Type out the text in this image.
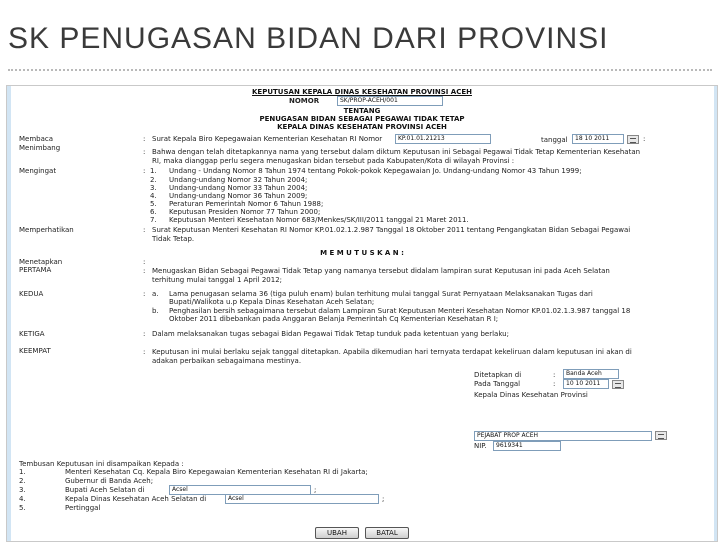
SK PENUGASAN BIDAN DARI PROVINSI
KEPUTUSAN KEPALA DINAS KESEHATAN PROVINSI ACEH
NOMOR	SK/PROP-ACEH/001
TENTANG
PENUGASAN BIDAN SEBAGAI PEGAWAI TIDAK TETAP
KEPALA DINAS KESEHATAN PROVINSI ACEH
Membaca	: Surat Kepala Biro Kepegawaian Kementerian Kesehatan RI Nomor	KP.01.01.21213	tanggal	18 10 2011	:
Menimbang	: Bahwa dengan telah ditetapkannya nama yang tersebut dalam diktum Keputusan ini Sebagai Pegawai Tidak Tetap Kementerian Kesehatan
RI, maka dianggap perlu segera menugaskan bidan tersebut pada Kabupaten/Kota di wilayah Provinsi :
Mengingat	: 1. Undang - Undang Nomor 8 Tahun 1974 tentang Pokok-pokok Kepegawaian Jo. Undang-undang Nomor 43 Tahun 1999;
2. Undang-undang Nomor 32 Tahun 2004;
3. Undang-undang Nomor 33 Tahun 2004;
4. Undang-undang Nomor 36 Tahun 2009;
5. Peraturan Pemerintah Nomor 6 Tahun 1988;
6. Keputusan Presiden Nomor 77 Tahun 2000;
7. Keputusan Menteri Kesehatan Nomor 683/Menkes/SK/III/2011 tanggal 21 Maret 2011.
Memperhatikan	: Surat Keputusan Menteri Kesehatan RI Nomor KP.01.02.1.2.987 Tanggal 18 Oktober 2011 tentang Pengangkatan Bidan Sebagai Pegawai
Tidak Tetap.
M E M U T U S K A N :
Menetapkan	:
PERTAMA	: Menugaskan Bidan Sebagai Pegawai Tidak Tetap yang namanya tersebut didalam lampiran surat Keputusan ini pada Aceh Selatan
terhitung mulai tanggal 1 April 2012;
KEDUA	: a. Lama penugasan selama 36 (tiga puluh enam) bulan terhitung mulai tanggal Surat Pernyataan Melaksanakan Tugas dari
Bupati/Walikota u.p Kepala Dinas Kesehatan Aceh Selatan;
b. Penghasilan bersih sebagaimana tersebut dalam Lampiran Surat Keputusan Menteri Kesehatan Nomor KP.01.02.1.3.987 tanggal 18
Oktober 2011 dibebankan pada Anggaran Belanja Pemerintah Cq Kementerian Kesehatan R I;
KETIGA	: Dalam melaksanakan tugas sebagai Bidan Pegawai Tidak Tetap tunduk pada ketentuan yang berlaku;
KEEMPAT	: Keputusan ini mulai berlaku sejak tanggal ditetapkan. Apabila dikemudian hari ternyata terdapat kekeliruan dalam keputusan ini akan di
adakan perbaikan sebagaimana mestinya.
Ditetapkan di	:	Banda Aceh
Pada Tanggal	:	10 10 2011
Kepala Dinas Kesehatan Provinsi
PEJABAT PROP ACEH
NIP.	9619341
Tembusan Keputusan ini disampaikan Kepada :
1.	Menteri Kesehatan Cq. Kepala Biro Kepegawaian Kementerian Kesehatan RI di Jakarta;
2.	Gubernur di Banda Aceh;
3.	Bupati Aceh Selatan di	Acsel	;
4.	Kepala Dinas Kesehatan Aceh Selatan di	Acsel	;
5.	Pertinggal
UBAH	BATAL
